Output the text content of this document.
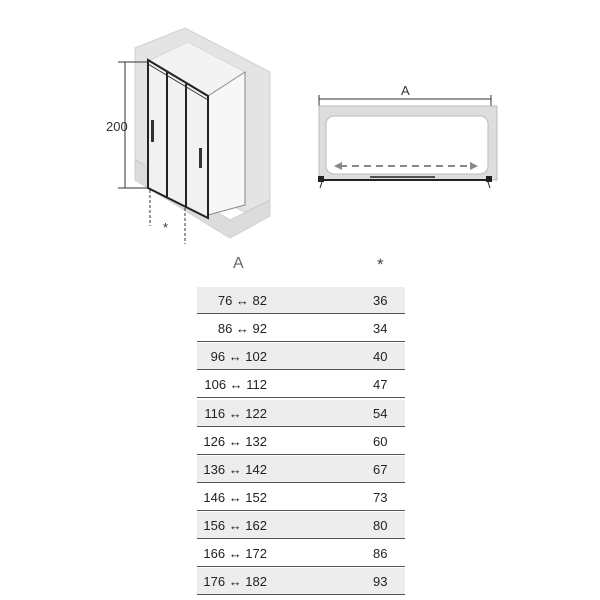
200
*
A
A	*
76 ↔ 82	36
86 ↔ 92	34
96 ↔ 102	40
106 ↔ 112	47
116 ↔ 122	54
126 ↔ 132	60
136 ↔ 142	67
146 ↔ 152	73
156 ↔ 162	80
166 ↔ 172	86
176 ↔ 182	93
